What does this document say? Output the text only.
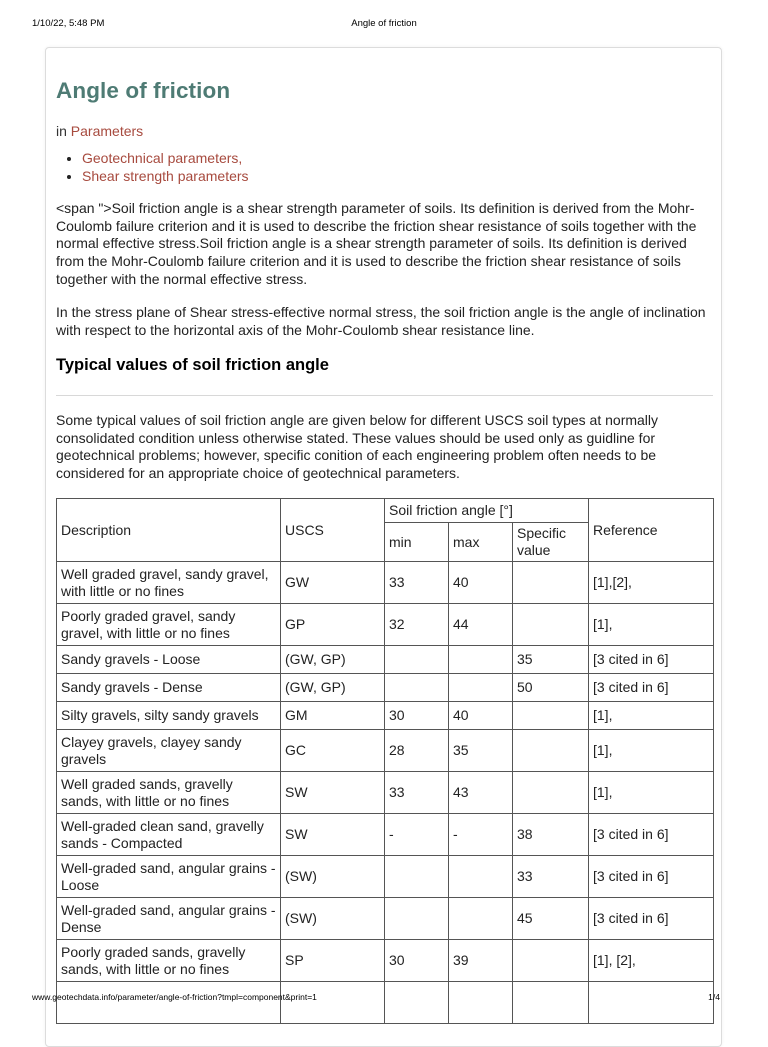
1/10/22, 5:48 PM	Angle of friction
Angle of friction
in Parameters
• Geotechnical parameters,
• Shear strength parameters

<span ">Soil friction angle is a shear strength parameter of soils. Its definition is derived from the Mohr-Coulomb failure criterion and it is used to describe the friction shear resistance of soils together with the normal effective stress.Soil friction angle is a shear strength parameter of soils. Its definition is derived from the Mohr-Coulomb failure criterion and it is used to describe the friction shear resistance of soils together with the normal effective stress.

In the stress plane of Shear stress-effective normal stress, the soil friction angle is the angle of inclination with respect to the horizontal axis of the Mohr-Coulomb shear resistance line.

Typical values of soil friction angle

Some typical values of soil friction angle are given below for different USCS soil types at normally consolidated condition unless otherwise stated. These values should be used only as guidline for geotechnical problems; however, specific conition of each engineering problem often needs to be considered for an appropriate choice of geotechnical parameters.

Description	USCS	Soil friction angle [°]			Reference
		min	max	Specific value	
Well graded gravel, sandy gravel, with little or no fines	GW	33	40		[1],[2],
Poorly graded gravel, sandy gravel, with little or no fines	GP	32	44		[1],
Sandy gravels - Loose	(GW, GP)			35	[3 cited in 6]
Sandy gravels - Dense	(GW, GP)			50	[3 cited in 6]
Silty gravels, silty sandy gravels	GM	30	40		[1],
Clayey gravels, clayey sandy gravels	GC	28	35		[1],
Well graded sands, gravelly sands, with little or no fines	SW	33	43		[1],
Well-graded clean sand, gravelly sands - Compacted	SW	-	-	38	[3 cited in 6]
Well-graded sand, angular grains - Loose	(SW)			33	[3 cited in 6]
Well-graded sand, angular grains - Dense	(SW)			45	[3 cited in 6]
Poorly graded sands, gravelly sands, with little or no fines	SP	30	39		[1], [2],

www.geotechdata.info/parameter/angle-of-friction?tmpl=component&print=1	1/4
